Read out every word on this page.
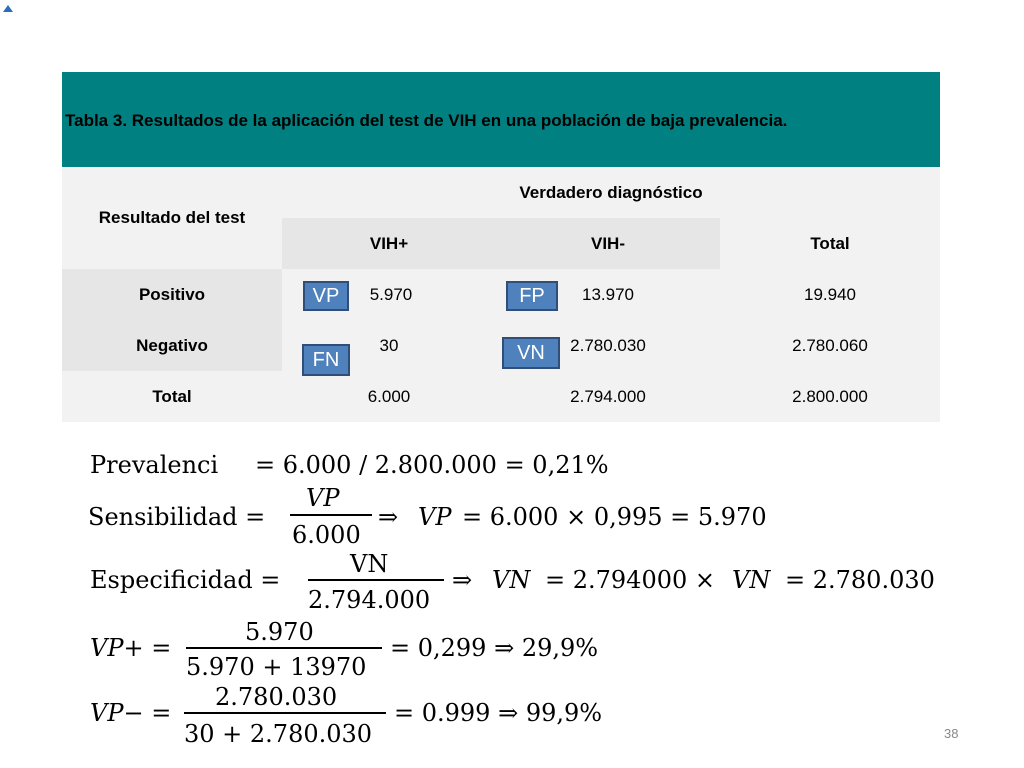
Tabla 3. Resultados de la aplicación del test de VIH en una población de baja prevalencia.
Resultado del test
Verdadero diagnóstico
VIH+	VIH-	Total
Positivo	5.970	13.970	19.940
Negativo	30	2.780.030	2.780.060
Total	6.000	2.794.000	2.800.000
VP	FP
FN	VN
Prevalenci = 6.000 / 2.800.000 = 0,21%
Sensibilidad =
VP
6.000
⇒ VP = 6.000 × 0,995 = 5.970
Especificidad =
VN
2.794.000
⇒ VN = 2.794000 × VN = 2.780.030
VP+ =
5.970
5.970 + 13970
= 0,299 ⇒ 29,9%
VP− =
2.780.030
30 + 2.780.030
= 0.999 ⇒ 99,9%
38
